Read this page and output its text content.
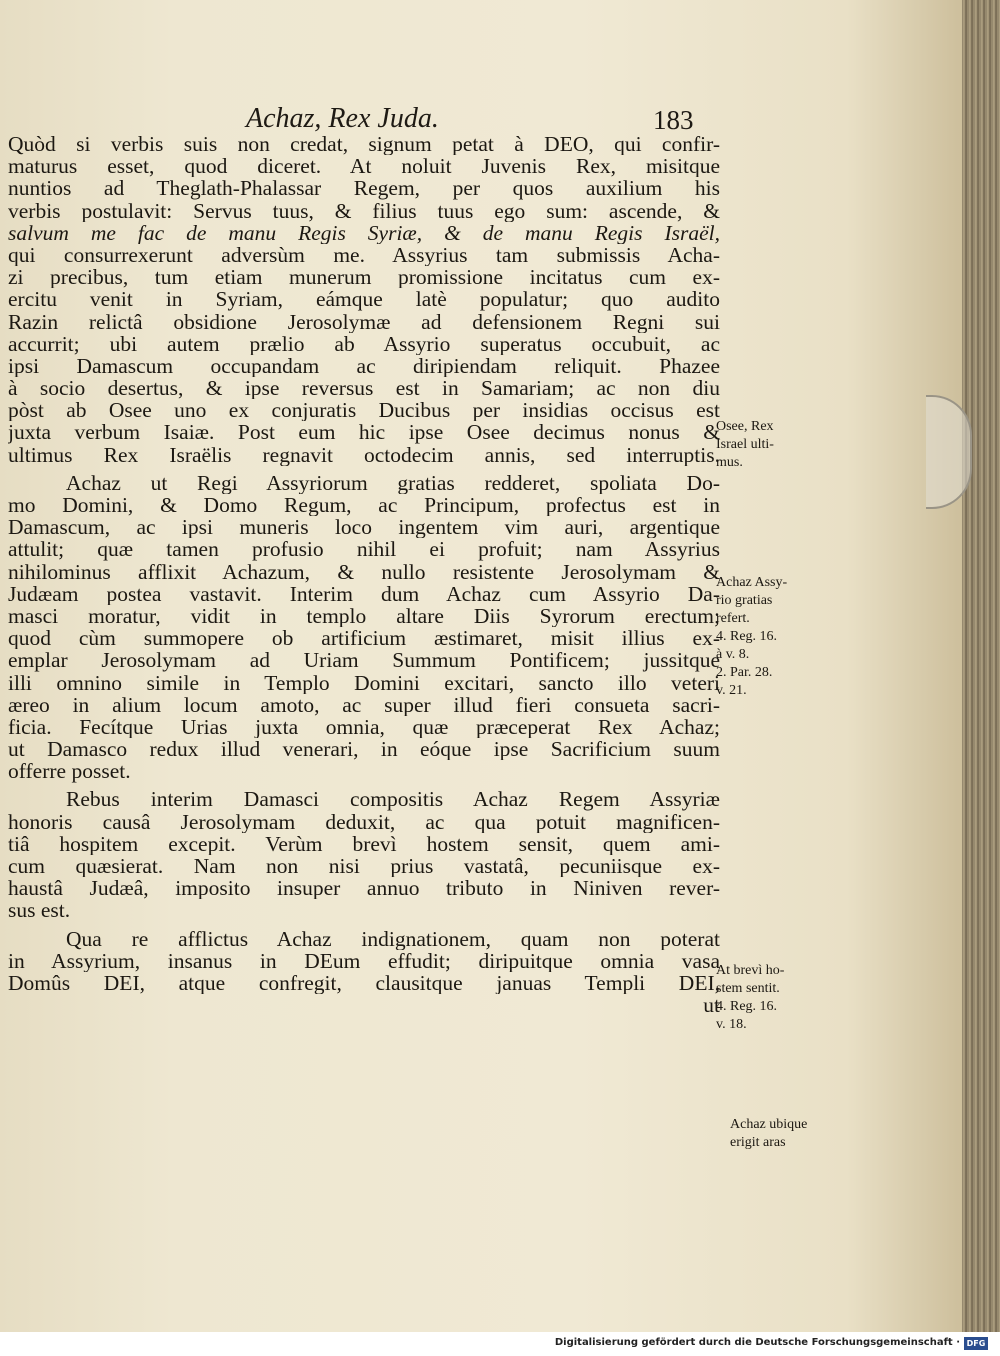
Achaz, Rex Juda.	183
Quòd si verbis suis non credat, signum petat à DEO, qui confir-
maturus esset, quod diceret. At noluit Juvenis Rex, misitque
nuntios ad Theglath-Phalassar Regem, per quos auxilium his
verbis postulavit: Servus tuus, & filius tuus ego sum: ascende, &
salvum me fac de manu Regis Syriæ, & de manu Regis Israël,
qui consurrexerunt adversùm me. Assyrius tam submissis Acha-
zi precibus, tum etiam munerum promissione incitatus cum ex-
ercitu venit in Syriam, eámque latè populatur; quo audito
Razin relictâ obsidione Jerosolymæ ad defensionem Regni sui
accurrit; ubi autem prælio ab Assyrio superatus occubuit, ac
ipsi Damascum occupandam ac diripiendam reliquit. Phazee
à socio desertus, & ipse reversus est in Samariam; ac non diu
pòst ab Osee uno ex conjuratis Ducibus per insidias occisus est
juxta verbum Isaiæ. Post eum hic ipse Osee decimus nonus &
ultimus Rex Israëlis regnavit octodecim annis, sed interruptis.
Achaz ut Regi Assyriorum gratias redderet, spoliata Do-
mo Domini, & Domo Regum, ac Principum, profectus est in
Damascum, ac ipsi muneris loco ingentem vim auri, argentique
attulit; quæ tamen profusio nihil ei profuit; nam Assyrius
nihilominus afflixit Achazum, & nullo resistente Jerosolymam &
Judæam postea vastavit. Interim dum Achaz cum Assyrio Da-
masci moratur, vidit in templo altare Diis Syrorum erectum;
quod cùm summopere ob artificium æstimaret, misit illius ex-
emplar Jerosolymam ad Uriam Summum Pontificem; jussitque
illi omnino simile in Templo Domini excitari, sancto illo veteri
æreo in alium locum amoto, ac super illud fieri consueta sacri-
ficia. Fecítque Urias juxta omnia, quæ præceperat Rex Achaz;
ut Damasco redux illud venerari, in eóque ipse Sacrificium suum
offerre posset.
Rebus interim Damasci compositis Achaz Regem Assyriæ
honoris causâ Jerosolymam deduxit, ac qua potuit magnificen-
tiâ hospitem excepit. Verùm brevì hostem sensit, quem ami-
cum quæsierat. Nam non nisi prius vastatâ, pecuniisque ex-
haustâ Judæâ, imposito insuper annuo tributo in Niniven rever-
sus est.
Qua re afflictus Achaz indignationem, quam non poterat
in Assyrium, insanus in DEum effudit; diripuitque omnia vasa
Domûs DEI, atque confregit, clausitque januas Templi DEI,
ut
Osee, Rex
Israel ulti-
mus.
Achaz Assy-
rio gratias
refert.
4. Reg. 16.
à v. 8.
2. Par. 28.
v. 21.
At brevì ho-
stem sentit.
4. Reg. 16.
v. 18.
Achaz ubique
erigit aras
Digitalisierung gefördert durch die Deutsche Forschungsgemeinschaft · DFG
